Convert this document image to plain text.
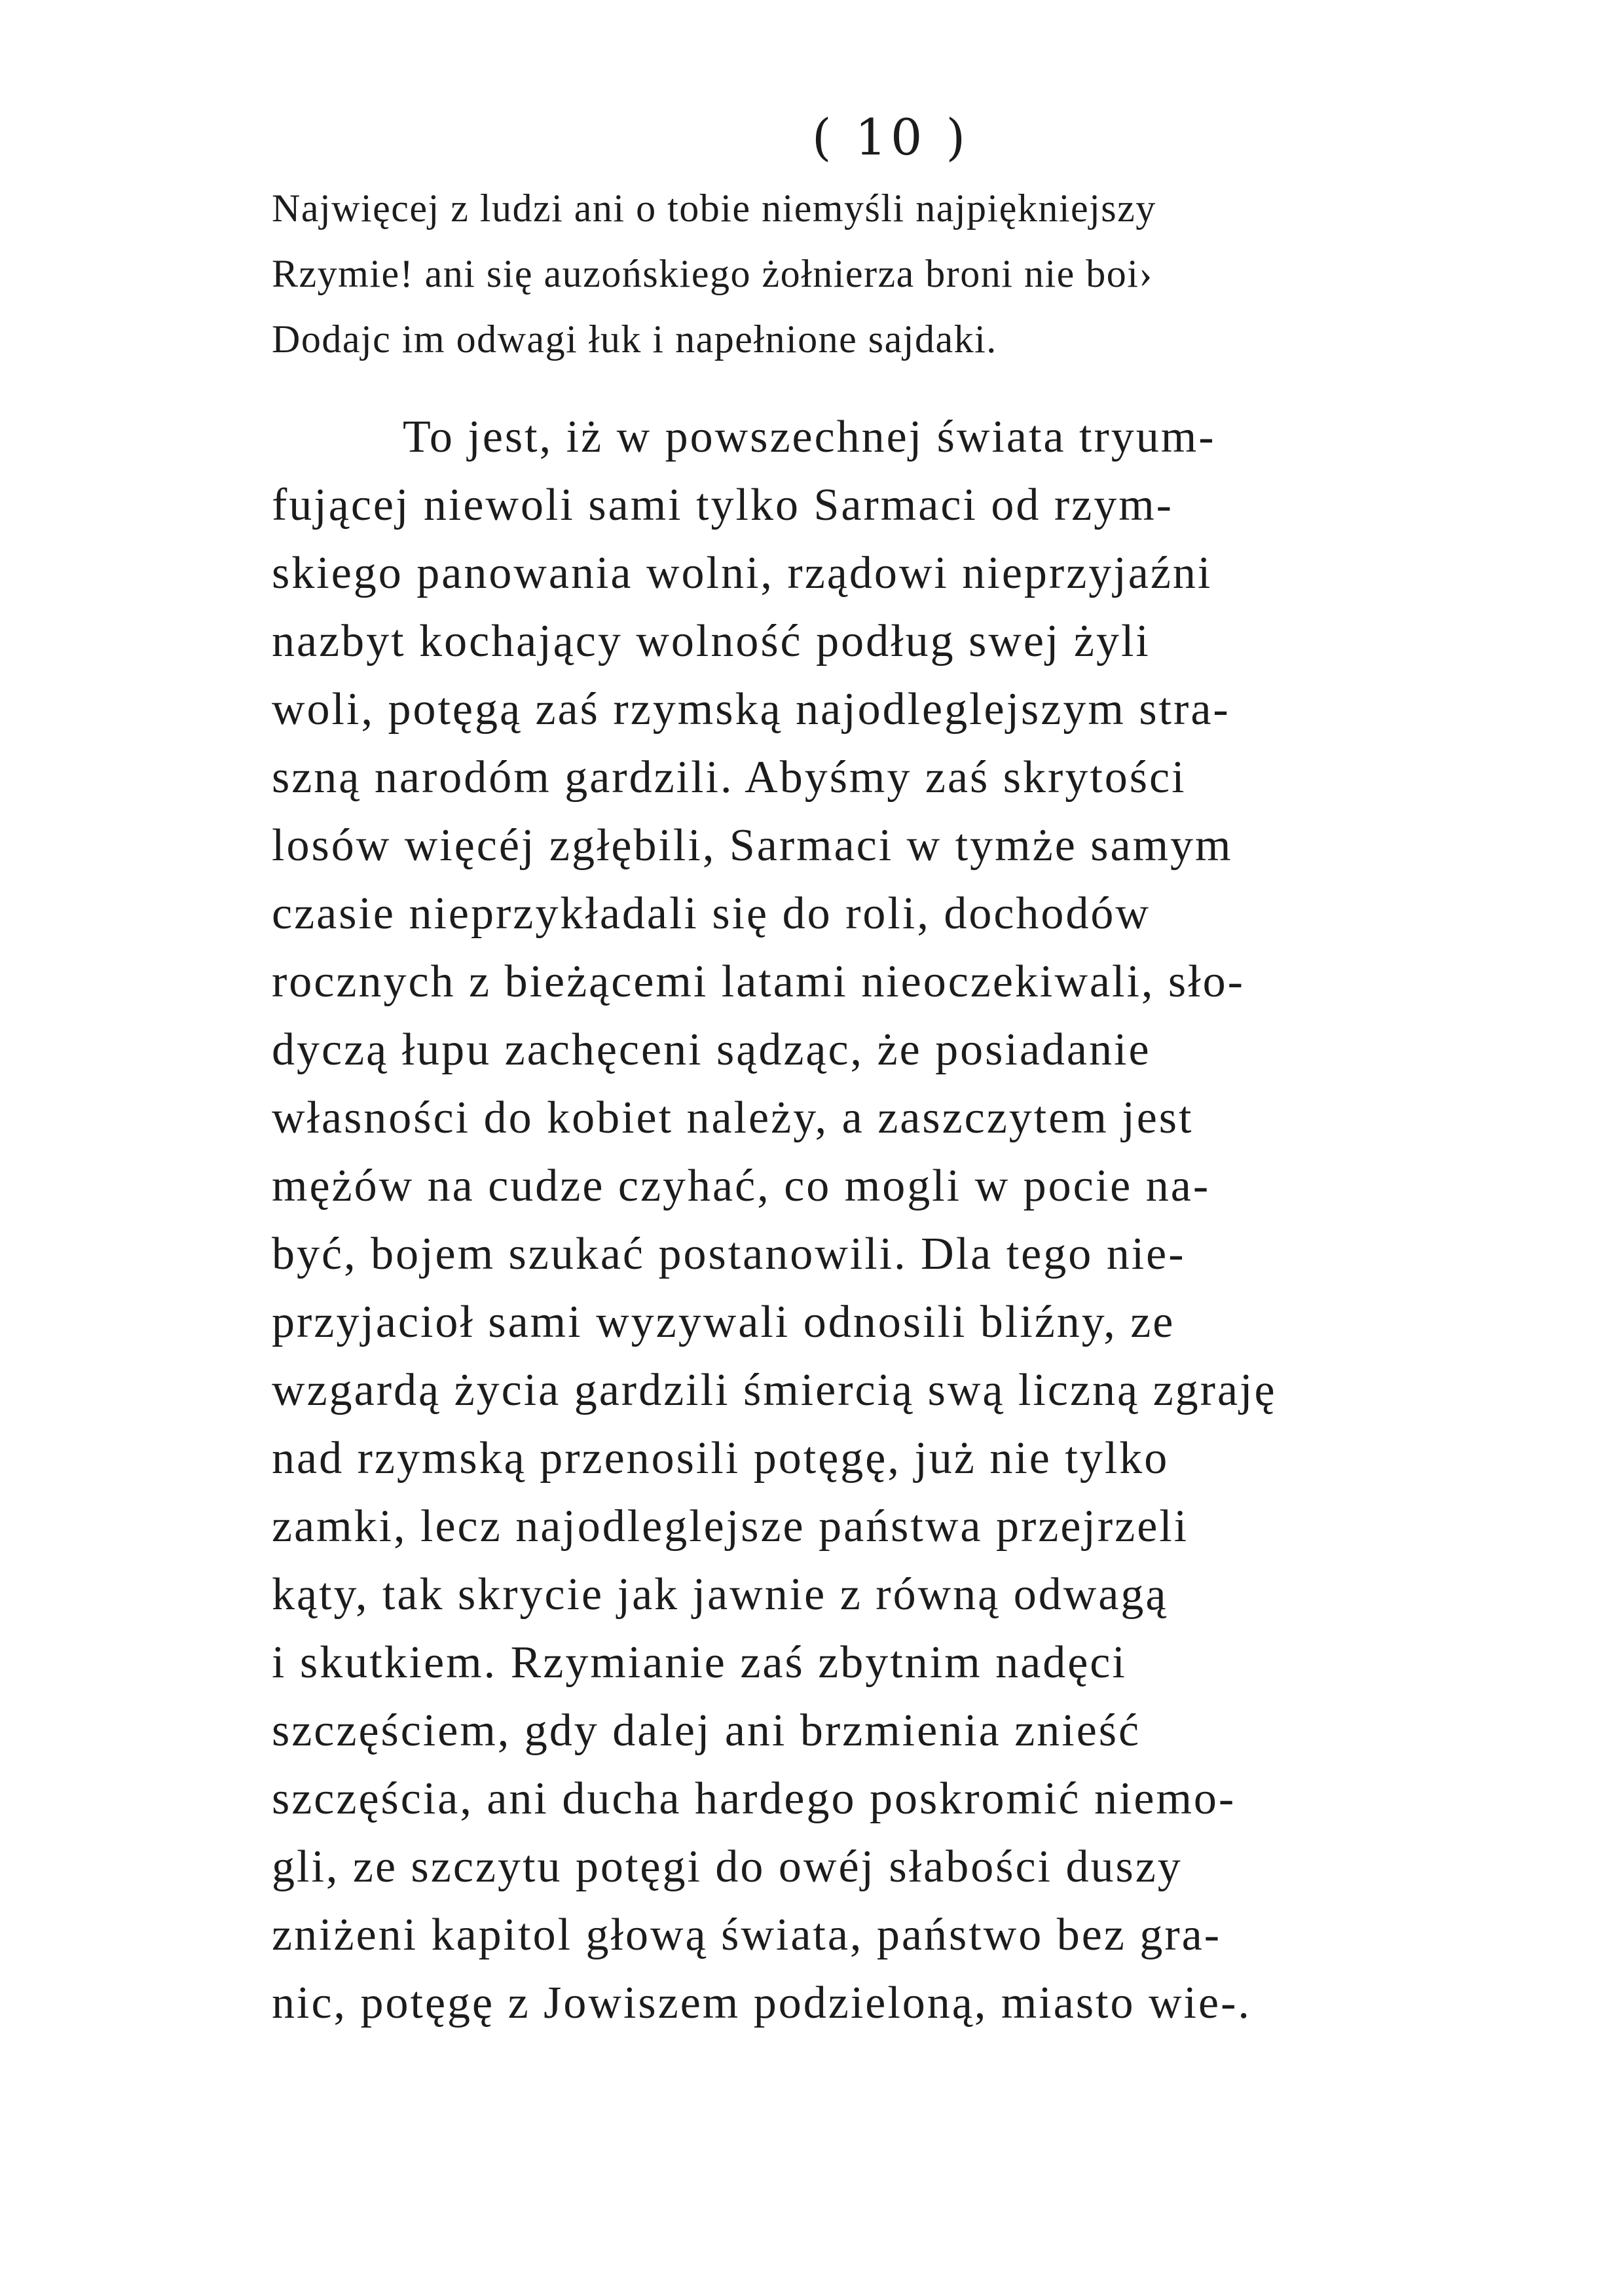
( 10 )
Najwięcej z ludzi ani o tobie niemyśli najpiękniejszy
Rzymie! ani się auzońskiego żołnierza broni nie boi›
Dodajc im odwagi łuk i napełnione sajdaki.
To jest, iż w powszechnej świata tryum-
fującej niewoli sami tylko Sarmaci od rzym-
skiego panowania wolni, rządowi nieprzyjaźni
nazbyt kochający wolność podług swej żyli
woli, potęgą zaś rzymską najodleglejszym stra-
szną narodóm gardzili. Abyśmy zaś skrytości
losów więcéj zgłębili, Sarmaci w tymże samym
czasie nieprzykładali się do roli, dochodów
rocznych z bieżącemi latami nieoczekiwali, sło-
dyczą łupu zachęceni sądząc, że posiadanie
własności do kobiet należy, a zaszczytem jest
mężów na cudze czyhać, co mogli w pocie na-
być, bojem szukać postanowili. Dla tego nie-
przyjacioł sami wyzywali odnosili bliźny, ze
wzgardą życia gardzili śmiercią swą liczną zgraję
nad rzymską przenosili potęgę, już nie tylko
zamki, lecz najodleglejsze państwa przejrzeli
kąty, tak skrycie jak jawnie z równą odwagą
i skutkiem. Rzymianie zaś zbytnim nadęci
szczęściem, gdy dalej ani brzmienia znieść
szczęścia, ani ducha hardego poskromić niemo-
gli, ze szczytu potęgi do owéj słabości duszy
zniżeni kapitol głową świata, państwo bez gra-
nic, potęgę z Jowiszem podzieloną, miasto wie-.
